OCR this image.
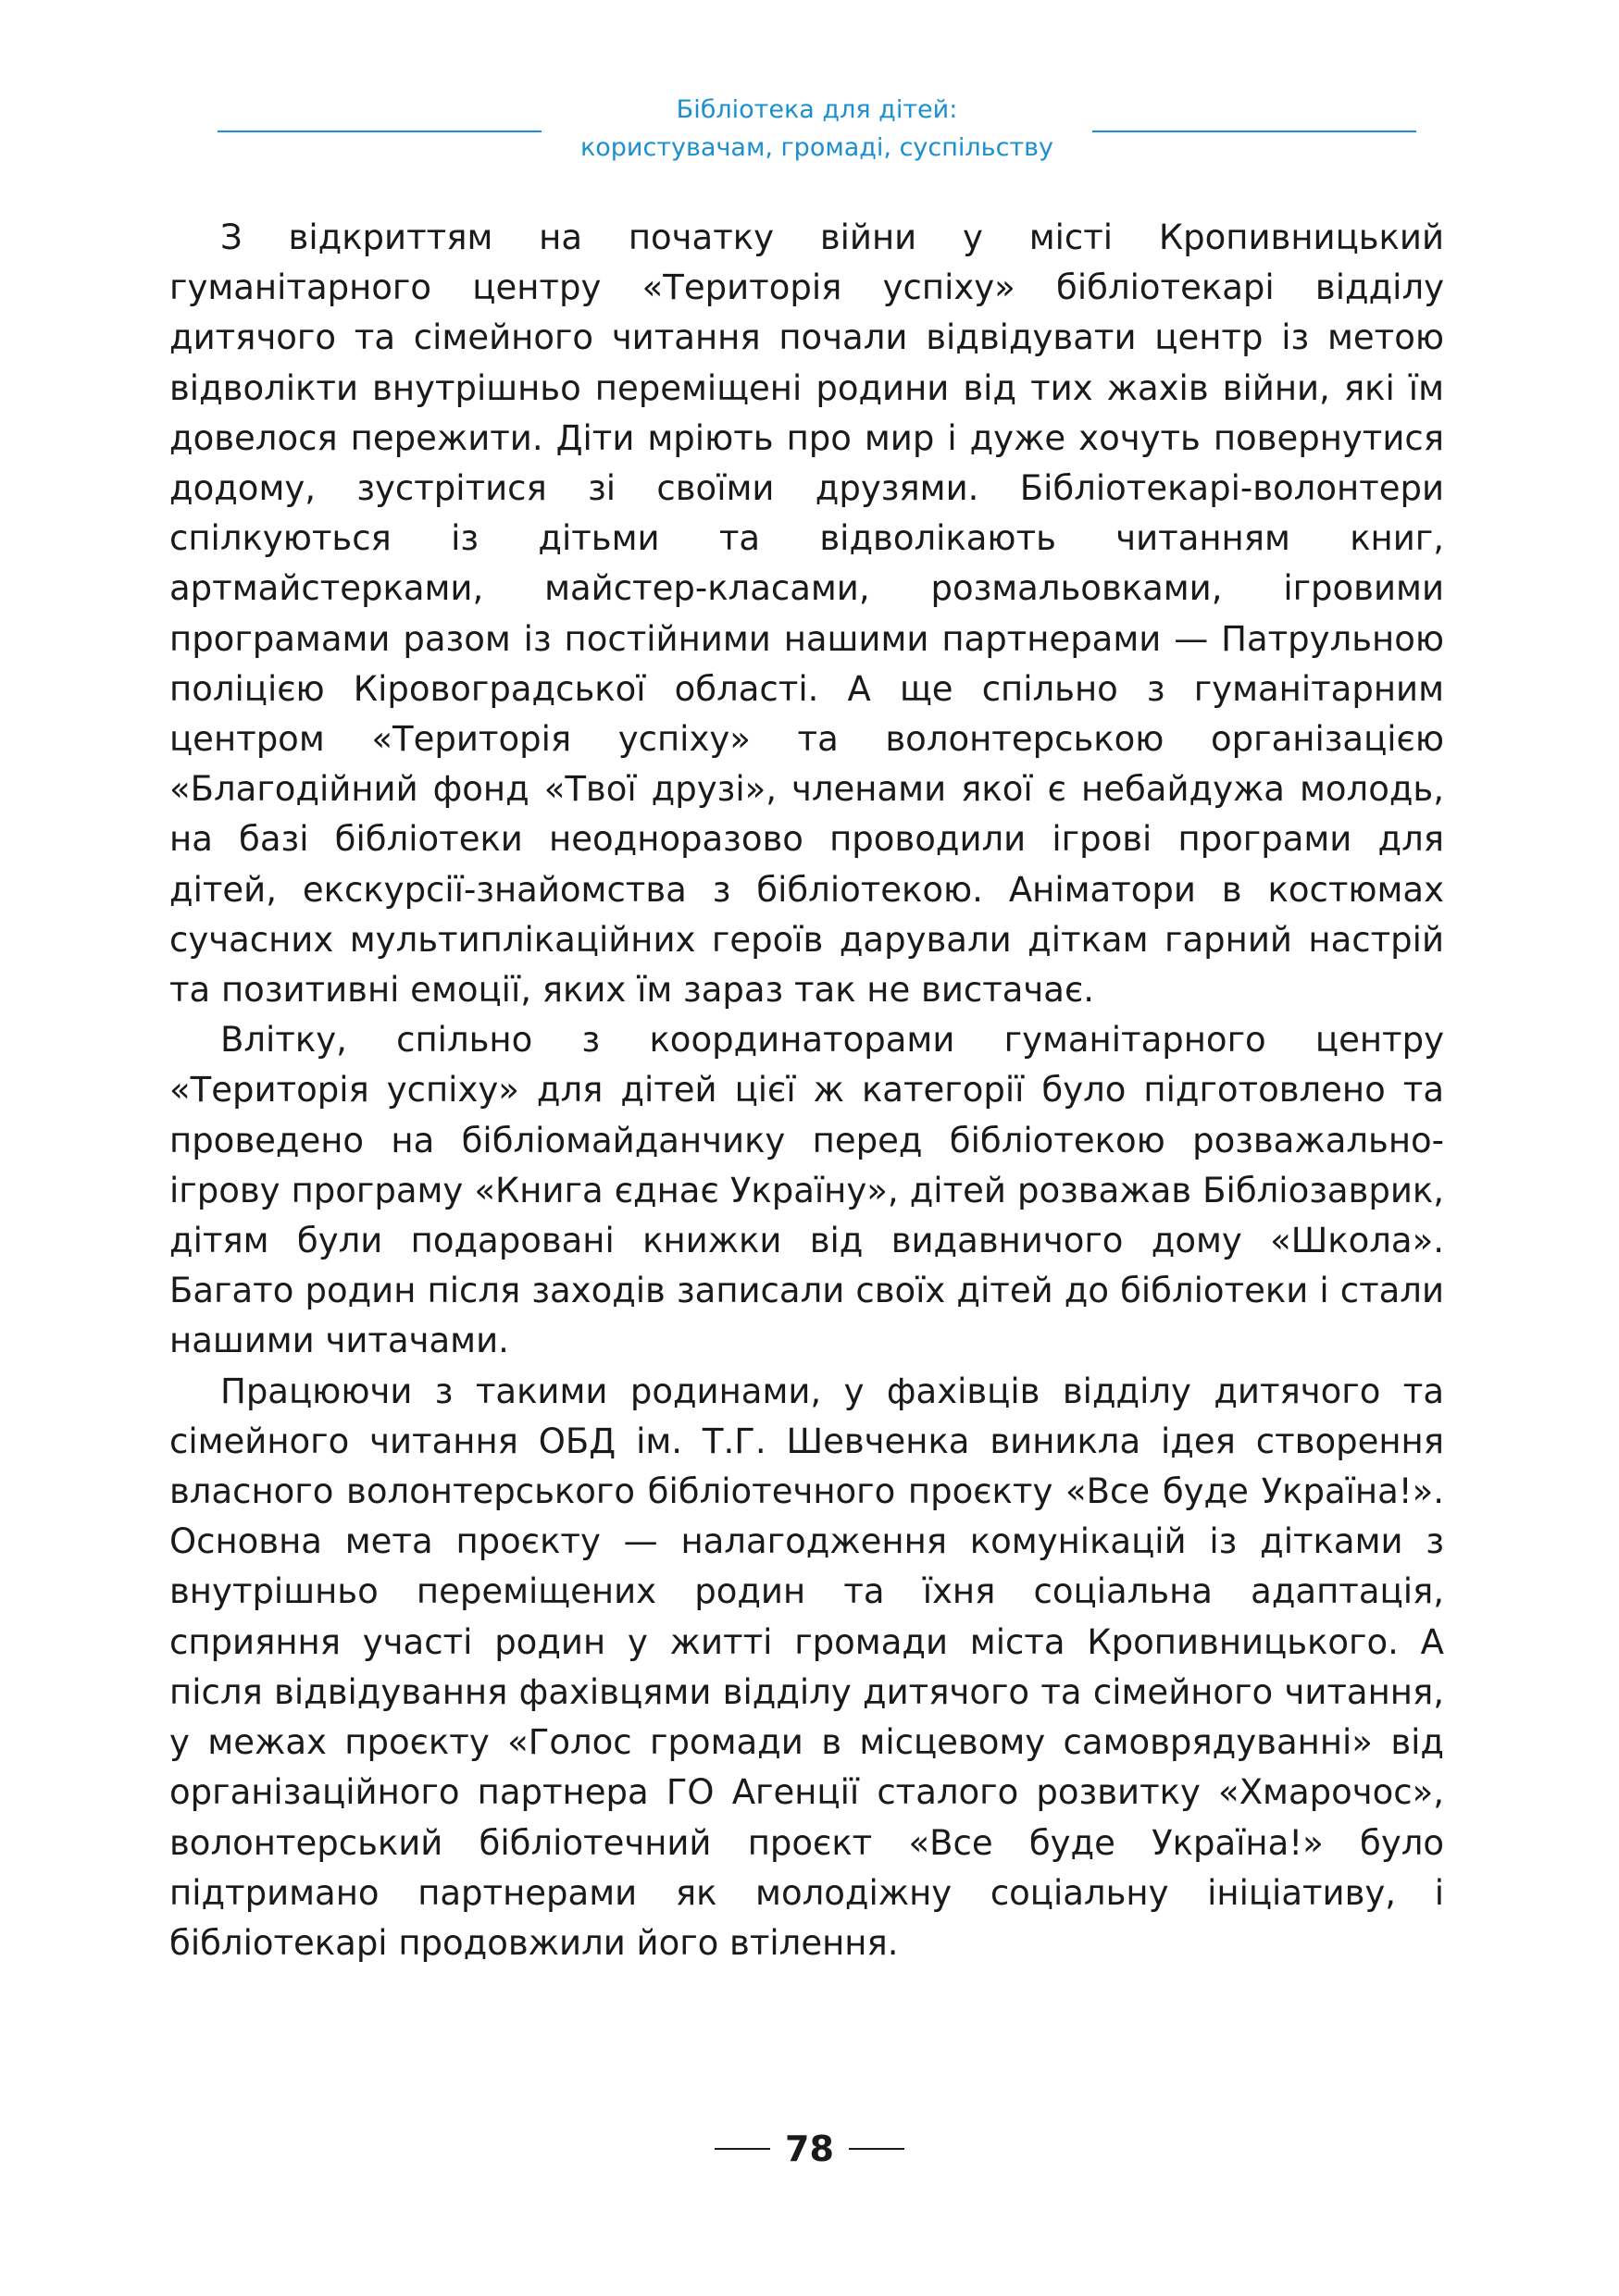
Бібліотека для дітей:
користувачам, громаді, суспільству

З відкриттям на початку війни у місті Кропивницький гуманітарного центру «Територія успіху» бібліотекарі відділу дитячого та сімейного читання почали відвідувати центр із метою відволікти внутрішньо переміщені родини від тих жахів війни, які їм довелося пережити. Діти мріють про мир і дуже хочуть повернутися додому, зустрітися зі своїми друзями. Бібліотекарі-волонтери спілкуються із дітьми та відволікають читанням книг, артмайстерками, майстер-класами, розмальовками, ігровими програмами разом із постійними нашими партнерами — Патрульною поліцією Кіровоградської області. А ще спільно з гуманітарним центром «Територія успіху» та волонтерською організацією «Благодійний фонд «Твої друзі», членами якої є небайдужа молодь, на базі бібліотеки неодноразово проводили ігрові програми для дітей, екскурсії-знайомства з бібліотекою. Аніматори в костюмах сучасних мультиплікаційних героїв дарували діткам гарний настрій та позитивні емоції, яких їм зараз так не вистачає.

Влітку, спільно з координаторами гуманітарного центру «Територія успіху» для дітей цієї ж категорії було підготовлено та проведено на бібліомайданчику перед бібліотекою розважально-ігрову програму «Книга єднає Україну», дітей розважав Бібліозаврик, дітям були подаровані книжки від видавничого дому «Школа». Багато родин після заходів записали своїх дітей до бібліотеки і стали нашими читачами.

Працюючи з такими родинами, у фахівців відділу дитячого та сімейного читання ОБД ім. Т.Г. Шевченка виникла ідея створення власного волонтерського бібліотечного проєкту «Все буде Україна!». Основна мета проєкту — налагодження комунікацій із дітками з внутрішньо переміщених родин та їхня соціальна адаптація, сприяння участі родин у житті громади міста Кропивницького. А після відвідування фахівцями відділу дитячого та сімейного читання, у межах проєкту «Голос громади в місцевому самоврядуванні» від організаційного партнера ГО Агенції сталого розвитку «Хмарочос», волонтерський бібліотечний проєкт «Все буде Україна!» було підтримано партнерами як молодіжну соціальну ініціативу, і бібліотекарі продовжили його втілення.

78
